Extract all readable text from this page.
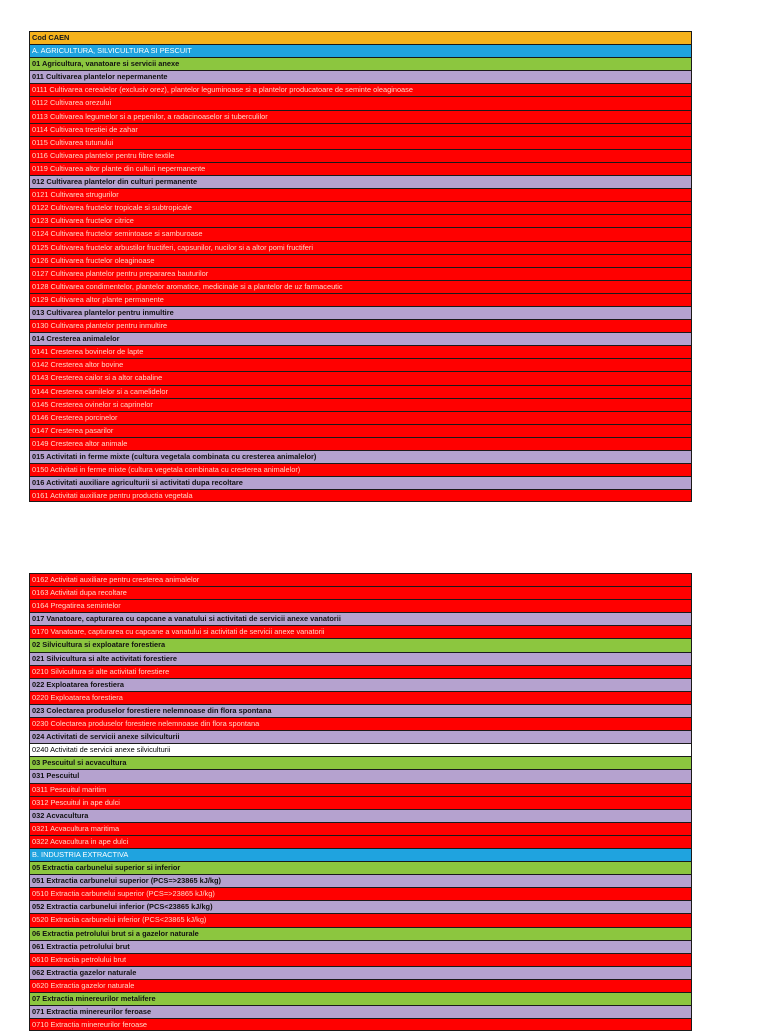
Cod CAEN
A. AGRICULTURA, SILVICULTURA SI PESCUIT
01 Agricultura, vanatoare si servicii anexe
011 Cultivarea plantelor nepermanente
0111 Cultivarea cerealelor (exclusiv orez), plantelor leguminoase si a plantelor producatoare de seminte oleaginoase
0112 Cultivarea orezului
0113 Cultivarea legumelor si a pepenilor, a radacinoaselor si tuberculilor
0114 Cultivarea trestiei de zahar
0115 Cultivarea tutunului
0116 Cultivarea plantelor pentru fibre textile
0119 Cultivarea altor plante din culturi nepermanente
012 Cultivarea plantelor din culturi permanente
0121 Cultivarea strugurilor
0122 Cultivarea fructelor tropicale si subtropicale
0123 Cultivarea fructelor citrice
0124 Cultivarea fructelor semintoase si samburoase
0125 Cultivarea fructelor arbustilor fructiferi, capsunilor, nucilor si a altor pomi fructiferi
0126 Cultivarea fructelor oleaginoase
0127 Cultivarea plantelor pentru prepararea bauturilor
0128 Cultivarea condimentelor, plantelor aromatice, medicinale si a plantelor de uz farmaceutic
0129 Cultivarea altor plante permanente
013 Cultivarea plantelor pentru inmultire
0130 Cultivarea plantelor pentru inmultire
014 Cresterea animalelor
0141 Cresterea bovinelor de lapte
0142 Cresterea altor bovine
0143 Cresterea cailor si a altor cabaline
0144 Cresterea camilelor si a camelidelor
0145 Cresterea ovinelor si caprinelor
0146 Cresterea porcinelor
0147 Cresterea pasarilor
0149 Cresterea altor animale
015 Activitati in ferme mixte (cultura vegetala combinata cu cresterea animalelor)
0150 Activitati in ferme mixte (cultura vegetala combinata cu cresterea animalelor)
016 Activitati auxiliare agriculturii si activitati dupa recoltare
0161 Activitati auxiliare pentru productia vegetala
0162 Activitati auxiliare pentru cresterea animalelor
0163 Activitati dupa recoltare
0164 Pregatirea semintelor
017 Vanatoare, capturarea cu capcane a vanatului si activitati de servicii anexe vanatorii
0170 Vanatoare, capturarea cu capcane a vanatului si activitati de servicii anexe vanatorii
02 Silvicultura si exploatare forestiera
021 Silvicultura si alte activitati forestiere
0210 Silvicultura si alte activitati forestiere
022 Exploatarea forestiera
0220 Exploatarea forestiera
023 Colectarea produselor forestiere nelemnoase din flora spontana
0230 Colectarea produselor forestiere nelemnoase din flora spontana
024 Activitati de servicii anexe silviculturii
0240 Activitati de servicii anexe silviculturii
03 Pescuitul si acvacultura
031 Pescuitul
0311 Pescuitul maritim
0312 Pescuitul in ape dulci
032 Acvacultura
0321 Acvacultura maritima
0322 Acvacultura in ape dulci
B. INDUSTRIA EXTRACTIVA
05 Extractia carbunelui superior si inferior
051 Extractia carbunelui superior (PCS=>23865 kJ/kg)
0510 Extractia carbunelui superior (PCS=>23865 kJ/kg)
052 Extractia carbunelui inferior (PCS<23865 kJ/kg)
0520 Extractia carbunelui inferior (PCS<23865 kJ/kg)
06 Extractia petrolului brut si a gazelor naturale
061 Extractia petrolului brut
0610 Extractia petrolului brut
062 Extractia gazelor naturale
0620 Extractia gazelor naturale
07 Extractia minereurilor metalifere
071 Extractia minereurilor feroase
0710 Extractia minereurilor feroase
